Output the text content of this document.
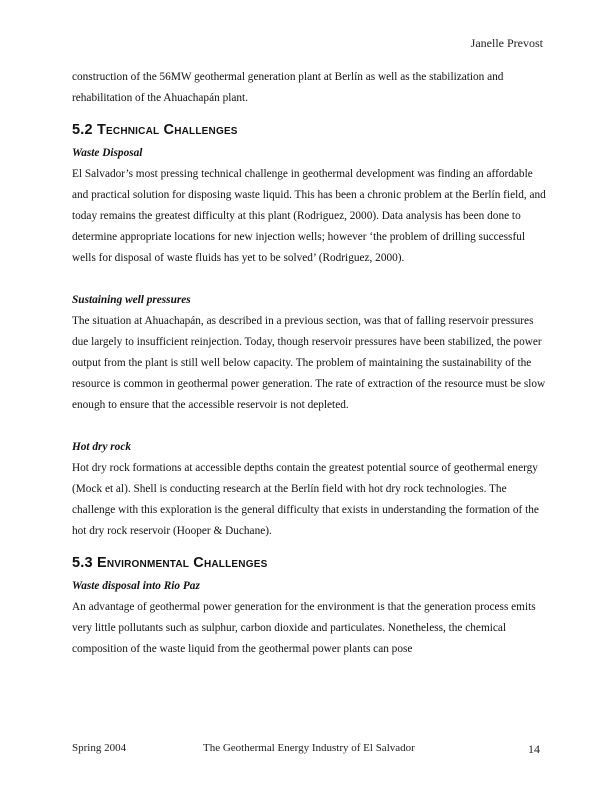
Janelle Prevost

construction of the 56MW geothermal generation plant at Berlín as well as the stabilization and rehabilitation of the Ahuachapán plant.

5.2 Technical Challenges
Waste Disposal

El Salvador’s most pressing technical challenge in geothermal development was finding an affordable and practical solution for disposing waste liquid. This has been a chronic problem at the Berlín field, and today remains the greatest difficulty at this plant (Rodriguez, 2000). Data analysis has been done to determine appropriate locations for new injection wells; however ‘the problem of drilling successful wells for disposal of waste fluids has yet to be solved’ (Rodriguez, 2000).

Sustaining well pressures

The situation at Ahuachapán, as described in a previous section, was that of falling reservoir pressures due largely to insufficient reinjection. Today, though reservoir pressures have been stabilized, the power output from the plant is still well below capacity. The problem of maintaining the sustainability of the resource is common in geothermal power generation. The rate of extraction of the resource must be slow enough to ensure that the accessible reservoir is not depleted.

Hot dry rock

Hot dry rock formations at accessible depths contain the greatest potential source of geothermal energy (Mock et al). Shell is conducting research at the Berlín field with hot dry rock technologies. The challenge with this exploration is the general difficulty that exists in understanding the formation of the hot dry rock reservoir (Hooper & Duchane).

5.3 Environmental Challenges
Waste disposal into Rio Paz

An advantage of geothermal power generation for the environment is that the generation process emits very little pollutants such as sulphur, carbon dioxide and particulates. Nonetheless, the chemical composition of the waste liquid from the geothermal power plants can pose

Spring 2004	The Geothermal Energy Industry of El Salvador	14
